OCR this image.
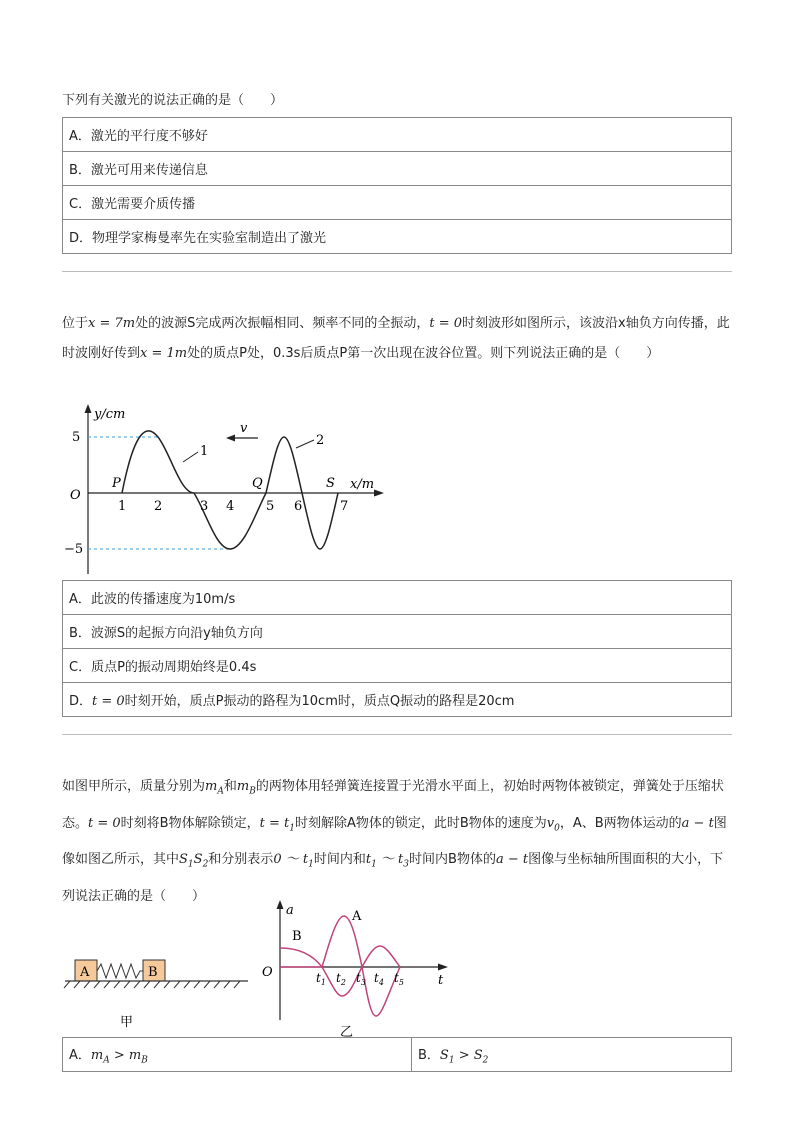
下列有关激光的说法正确的是（　　）
A．激光的平行度不够好
B．激光可用来传递信息
C．激光需要介质传播
D．物理学家梅曼率先在实验室制造出了激光
位于x = 7m处的波源S完成两次振幅相同、频率不同的全振动，t = 0时刻波形如图所示，该波沿x轴负方向传播，此时波刚好传到x = 1m处的质点P处，0.3s后质点P第一次出现在波谷位置。则下列说法正确的是（　　）
y/cm
x/m
O
5
−5
1 2	3 4 5 6	7
P	Q	S
1
2
v
A．此波的传播速度为10m/s
B．波源S的起振方向沿y轴负方向
C．质点P的振动周期始终是0.4s
D．t = 0时刻开始，质点P振动的路程为10cm时，质点Q振动的路程是20cm
如图甲所示，质量分别为$m_A$和$m_B$的两物体用轻弹簧连接置于光滑水平面上，初始时两物体被锁定，弹簧处于压缩状态。t = 0时刻将B物体解除锁定，$t = t_1$时刻解除A物体的锁定，此时B物体的速度为$v_0$，A、B两物体运动的a − t图像如图乙所示，其中$S_1S_2$和分别表示0 ～ $t_1$时间内和$t_1$ ～ $t_3$时间内B物体的a − t图像与坐标轴所围面积的大小，下列说法正确的是（　　）
A	B
甲
a
t
O
A
B
$t_1$ $t_2$ $t_3$ $t_4$ $t_5$
乙
A．$m_A > m_B$	B．$S_1 > S_2$
